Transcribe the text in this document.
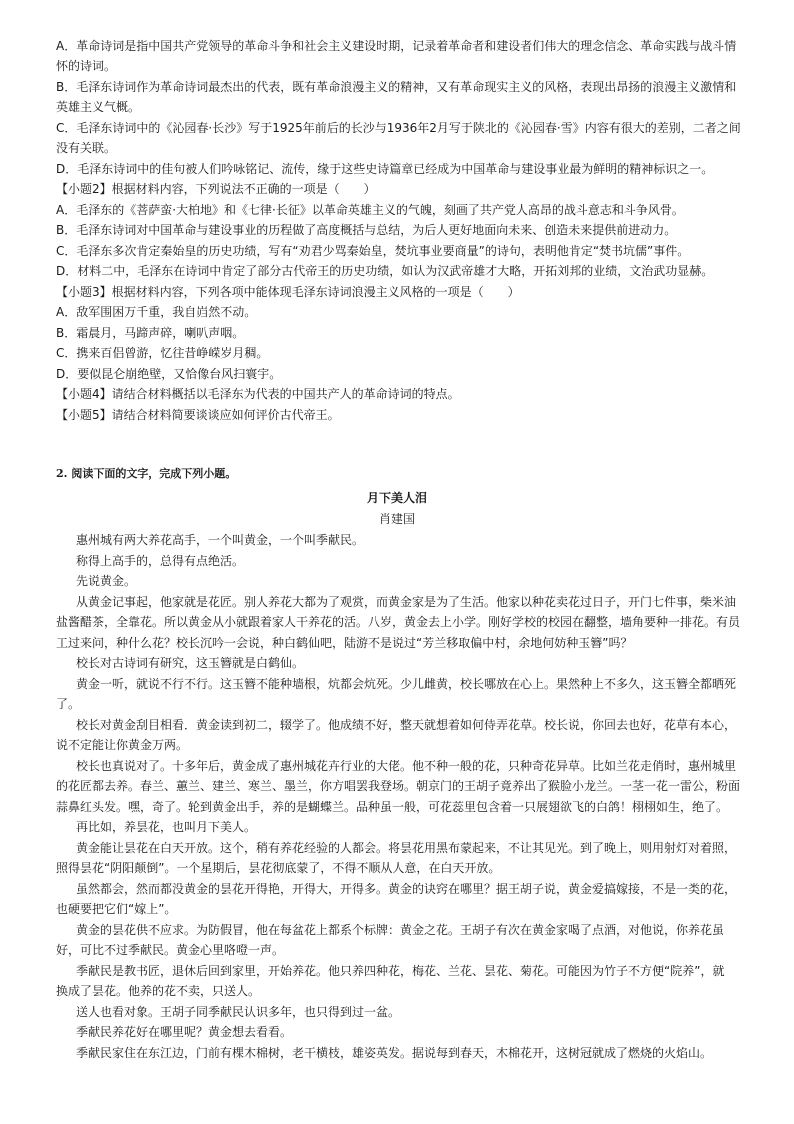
A．革命诗词是指中国共产党领导的革命斗争和社会主义建设时期，记录着革命者和建设者们伟大的理念信念、革命实践与战斗情
怀的诗词。
B．毛泽东诗词作为革命诗词最杰出的代表，既有革命浪漫主义的精神，又有革命现实主义的风格，表现出昂扬的浪漫主义激情和
英雄主义气概。
C．毛泽东诗词中的《沁园春·长沙》写于1925年前后的长沙与1936年2月写于陕北的《沁园春·雪》内容有很大的差别，二者之间
没有关联。
D．毛泽东诗词中的佳句被人们吟咏铭记、流传，缘于这些史诗篇章已经成为中国革命与建设事业最为鲜明的精神标识之一。
【小题2】根据材料内容，下列说法不正确的一项是（　　）
A．毛泽东的《菩萨蛮·大柏地》和《七律·长征》以革命英雄主义的气魄，刻画了共产党人高昂的战斗意志和斗争风骨。
B．毛泽东诗词对中国革命与建设事业的历程做了高度概括与总结，为后人更好地面向未来、创造未来提供前进动力。
C．毛泽东多次肯定秦始皇的历史功绩，写有“劝君少骂秦始皇，焚坑事业要商量”的诗句，表明他肯定“焚书坑儒”事件。
D．材料二中，毛泽东在诗词中肯定了部分古代帝王的历史功绩，如认为汉武帝雄才大略，开拓刘邦的业绩，文治武功显赫。
【小题3】根据材料内容，下列各项中能体现毛泽东诗词浪漫主义风格的一项是（　　）
A．敌军围困万千重，我自岿然不动。
B．霜晨月，马蹄声碎，喇叭声咽。
C．携来百侣曾游，忆往昔峥嵘岁月稠。
D．要似昆仑崩绝壁，又恰像台风扫寰宇。
【小题4】请结合材料概括以毛泽东为代表的中国共产人的革命诗词的特点。
【小题5】请结合材料简要谈谈应如何评价古代帝王。
2. 阅读下面的文字，完成下列小题。
月下美人泪
肖建国
惠州城有两大养花高手，一个叫黄金，一个叫季献民。
称得上高手的，总得有点绝活。
先说黄金。
从黄金记事起，他家就是花匠。别人养花大都为了观赏，而黄金家是为了生活。他家以种花卖花过日子，开门七件事，柴米油
盐酱醋茶，全靠花。所以黄金从小就跟着家人干养花的活。八岁，黄金去上小学。刚好学校的校园在翻整，墙角要种一排花。有员
工过来问，种什么花？校长沉吟一会说，种白鹤仙吧，陆游不是说过“芳兰移取偏中村，余地何妨种玉簪”吗？
校长对古诗词有研究，这玉簪就是白鹤仙。
黄金一听，就说不行不行。这玉簪不能种墙根，炕都会炕死。少儿雌黄，校长哪放在心上。果然种上不多久，这玉簪全都晒死
了。
校长对黄金刮目相看．黄金读到初二，辍学了。他成绩不好，整天就想着如何侍弄花草。校长说，你回去也好，花草有本心，
说不定能让你黄金万两。
校长也真说对了。十多年后，黄金成了惠州城花卉行业的大佬。他不种一般的花，只种奇花异草。比如兰花走俏时，惠州城里
的花匠都去养。春兰、蕙兰、建兰、寒兰、墨兰，你方唱罢我登场。朝京门的王胡子竟养出了猴脸小龙兰。一茎一花一雷公，粉面
蒜鼻红头发。嘿，奇了。轮到黄金出手，养的是蝴蝶兰。品种虽一般，可花蕊里包含着一只展翅欲飞的白鸽！栩栩如生，绝了。
再比如，养昙花，也叫月下美人。
黄金能让昙花在白天开放。这个，稍有养花经验的人都会。将昙花用黑布蒙起来，不让其见光。到了晚上，则用射灯对着照，
照得昙花“阴阳颠倒”。一个星期后，昙花彻底蒙了，不得不顺从人意，在白天开放。
虽然都会，然而都没黄金的昙花开得艳，开得大，开得多。黄金的诀窍在哪里？据王胡子说，黄金爱搞嫁接，不是一类的花，
也硬要把它们“嫁上”。
黄金的昙花供不应求。为防假冒，他在每盆花上都系个标牌：黄金之花。王胡子有次在黄金家喝了点酒，对他说，你养花虽
好，可比不过季献民。黄金心里咯噔一声。
季献民是教书匠，退休后回到家里，开始养花。他只养四种花，梅花、兰花、昙花、菊花。可能因为竹子不方便“院养”，就
换成了昙花。他养的花不卖，只送人。
送人也看对象。王胡子同季献民认识多年，也只得到过一盆。
季献民养花好在哪里呢？黄金想去看看。
季献民家住在东江边，门前有棵木棉树，老干横枝，雄姿英发。据说每到春天，木棉花开，这树冠就成了燃烧的火焰山。
